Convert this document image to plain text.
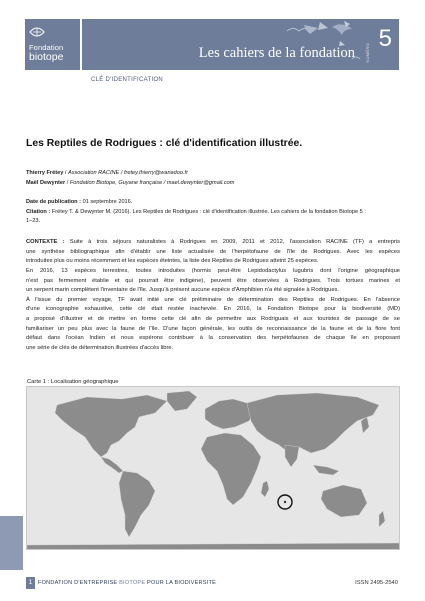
Fondation
biotope	Les cahiers de la fondation	NUMÉRO
5
CLÉ D'IDENTIFICATION
Les Reptiles de Rodrigues : clé d'identification illustrée.
Thierry Frétey / Association RACINE / fretey.thierry@wanadoo.fr
Maël Dewynter / Fondation Biotope, Guyane française / mael.dewynter@gmail.com
Date de publication : 01 septembre 2016.
Citation : Frétey T. & Dewynter M. (2016). Les Reptiles de Rodrigues : clé d'identification illustrée. Les cahiers de la fondation Biotope 5 :
1–23.
CONTEXTE : Suite à trois séjours naturalistes à Rodrigues en 2009, 2011 et 2012, l'association RACINE (TF) a entrepris
une synthèse bibliographique afin d'établir une liste actualisée de l'herpétofaune de l'île de Rodrigues. Avec les espèces
introduites plus ou moins récemment et les espèces éteintes, la liste des Reptiles de Rodrigues atteint 25 espèces.
En 2016, 13 espèces terrestres, toutes introduites (hormis peut-être Lepidodactylus lugubris dont l'origine géographique
n'est pas fermement établie et qui pourrait être indigène), peuvent être observées à Rodrigues. Trois tortues marines et
un serpent marin complètent l'inventaire de l'île. Jusqu'à présent aucune espèce d'Amphibien n'a été signalée à Rodrigues.
À l'issue du premier voyage, TF avait initié une clé préliminaire de détermination des Reptiles de Rodrigues. En l'absence
d'une iconographie exhaustive, cette clé était restée inachevée. En 2016, la Fondation Biotope pour la biodiversité (MD)
a proposé d'illustrer et de mettre en forme cette clé afin de permettre aux Rodriguais et aux touristes de passage de se
familiariser un peu plus avec la faune de l'île. D'une façon générale, les outils de reconnaissance de la faune et de la flore font
défaut dans l'océan Indien et nous espérons contribuer à la conservation des herpétofaunes de chaque île en proposant
une série de clés de détermination illustrées d'accès libre.
Carte 1 : Localisation géographique
1	FONDATION D'ENTREPRISE BIOTOPE POUR LA BIODIVERSITÉ	ISSN 2495-2540
